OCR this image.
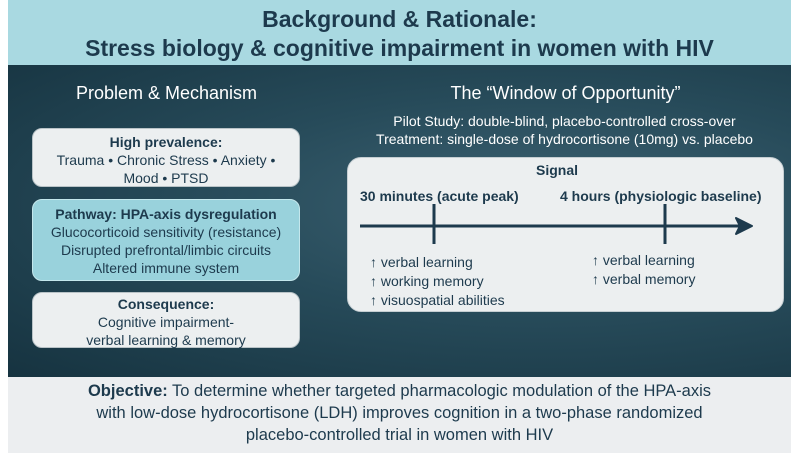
Background & Rationale:
Stress biology & cognitive impairment in women with HIV
Problem & Mechanism
High prevalence:
Trauma • Chronic Stress • Anxiety •
Mood • PTSD
Pathway: HPA-axis dysregulation
Glucocorticoid sensitivity (resistance)
Disrupted prefrontal/limbic circuits
Altered immune system
Consequence:
Cognitive impairment-
verbal learning & memory
The “Window of Opportunity”
Pilot Study: double-blind, placebo-controlled cross-over
Treatment: single-dose of hydrocortisone (10mg) vs. placebo
Signal
30 minutes (acute peak)	4 hours (physiologic baseline)
↑ verbal learning
↑ working memory
↑ visuospatial abilities
↑ verbal learning
↑ verbal memory
Objective: To determine whether targeted pharmacologic modulation of the HPA-axis
with low-dose hydrocortisone (LDH) improves cognition in a two-phase randomized
placebo-controlled trial in women with HIV
